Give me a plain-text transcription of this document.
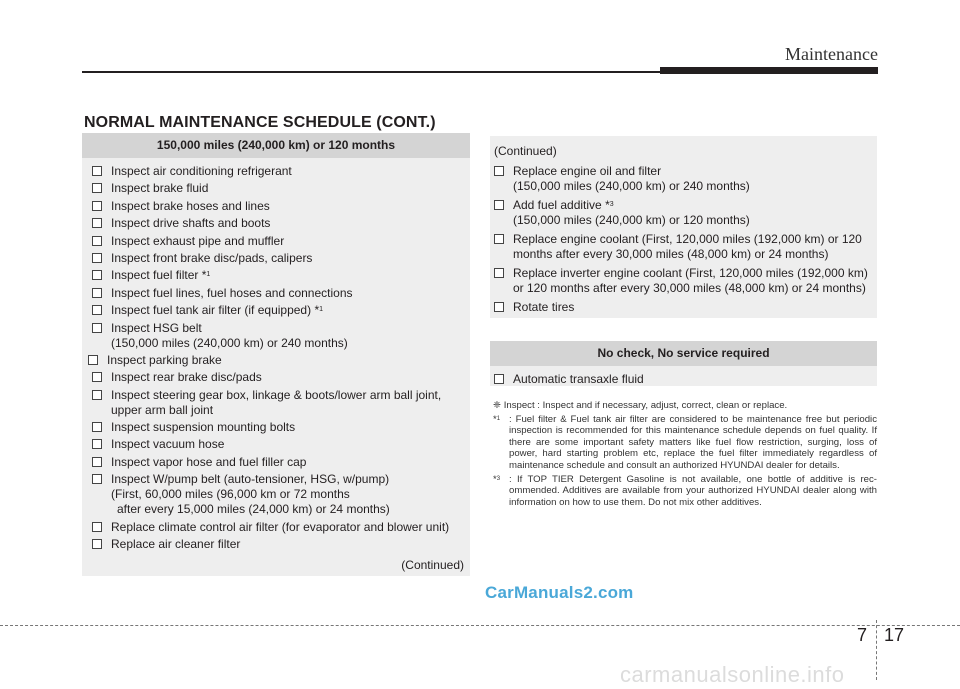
Maintenance
NORMAL MAINTENANCE SCHEDULE (CONT.)
150,000 miles (240,000 km) or 120 months
Inspect air conditioning refrigerant
Inspect brake fluid
Inspect brake hoses and lines
Inspect drive shafts and boots
Inspect exhaust pipe and muffler
Inspect front brake disc/pads, calipers
Inspect fuel filter *$^1$
Inspect fuel lines, fuel hoses and connections
Inspect fuel tank air filter (if equipped) *$^1$
Inspect HSG belt
(150,000 miles (240,000 km) or 240 months)
Inspect parking brake
Inspect rear brake disc/pads
Inspect steering gear box, linkage & boots/lower arm ball joint,
upper arm ball joint
Inspect suspension mounting bolts
Inspect vacuum hose
Inspect vapor hose and fuel filler cap
Inspect W/pump belt (auto-tensioner, HSG, w/pump)
(First, 60,000 miles (96,000 km or 72 months
after every 15,000 miles (24,000 km) or 24 months)
Replace climate control air filter (for evaporator and blower unit)
Replace air cleaner filter
(Continued)
(Continued)
Replace engine oil and filter
(150,000 miles (240,000 km) or 240 months)
Add fuel additive *$^3$
(150,000 miles (240,000 km) or 120 months)
Replace engine coolant (First, 120,000 miles (192,000 km) or 120
months after every 30,000 miles (48,000 km) or 24 months)
Replace inverter engine coolant (First, 120,000 miles (192,000 km)
or 120 months after every 30,000 miles (48,000 km) or 24 months)
Rotate tires
No check, No service required
Automatic transaxle fluid
❈ Inspect : Inspect and if necessary, adjust, correct, clean or replace.
*$^1$ : Fuel filter & Fuel tank air filter are considered to be maintenance free but periodic inspection is recommended for this maintenance schedule depends on fuel quality. If there are some important safety matters like fuel flow restriction, surging, loss of power, hard starting problem etc, replace the fuel filter immediately regardless of maintenance schedule and consult an authorized HYUNDAI dealer for details.
*$^3$ : If TOP TIER Detergent Gasoline is not available, one bottle of additive is rec-ommended. Additives are available from your authorized HYUNDAI dealer along with information on how to use them. Do not mix other additives.
CarManuals2.com
7 17
carmanualsonline.info
